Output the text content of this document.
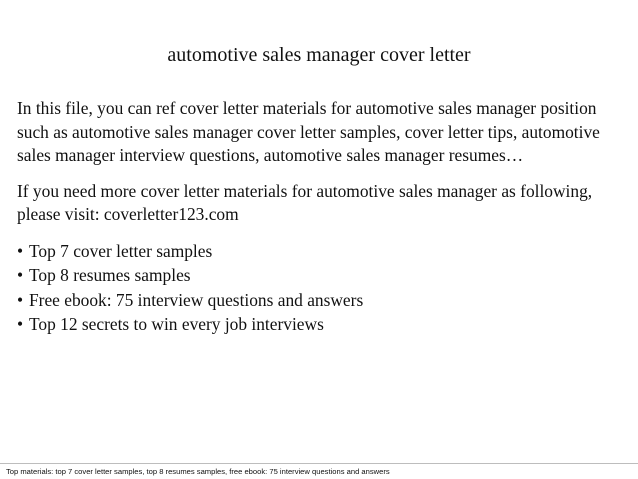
automotive sales manager cover letter

In this file, you can ref cover letter materials for automotive sales manager position
such as automotive sales manager cover letter samples, cover letter tips, automotive
sales manager interview questions, automotive sales manager resumes…

If you need more cover letter materials for automotive sales manager as following,
please visit: coverletter123.com

• Top 7 cover letter samples
• Top 8 resumes samples
• Free ebook: 75 interview questions and answers
• Top 12 secrets to win every job interviews
Top materials: top 7 cover letter samples, top 8 resumes samples, free ebook: 75 interview questions and answers
